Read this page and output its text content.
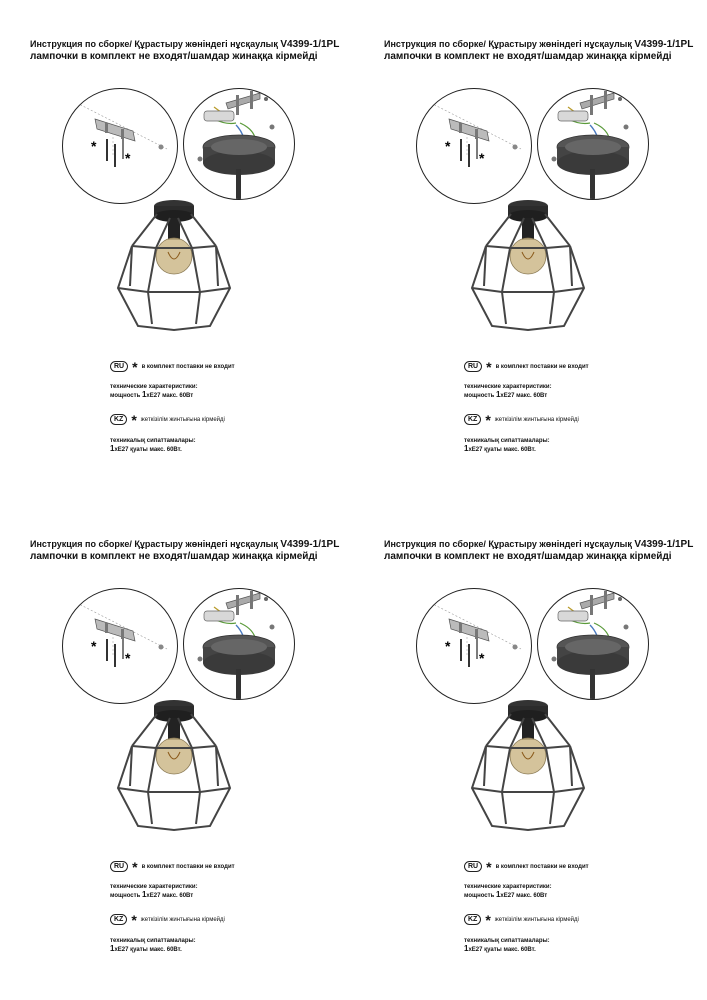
Инструкция по сборке/ Құрастыру жөніндегі нұсқаулық V4399-1/1PL
лампочки в комплект не входят/шамдар жинаққа кірмейді
*
*
RU * в комплект поставки не входит
технические характеристики:
мощность 1хЕ27 макс. 60Вт
KZ * жеткізілім жинтығына кірмейді
техникалық сипаттамалары:
1хЕ27 қуаты макс. 60Вт.
Инструкция по сборке/ Құрастыру жөніндегі нұсқаулық V4399-1/1PL
лампочки в комплект не входят/шамдар жинаққа кірмейді
*
*
RU * в комплект поставки не входит
технические характеристики:
мощность 1хЕ27 макс. 60Вт
KZ * жеткізілім жинтығына кірмейді
техникалық сипаттамалары:
1хЕ27 қуаты макс. 60Вт.
Инструкция по сборке/ Құрастыру жөніндегі нұсқаулық V4399-1/1PL
лампочки в комплект не входят/шамдар жинаққа кірмейді
*
*
RU * в комплект поставки не входит
технические характеристики:
мощность 1хЕ27 макс. 60Вт
KZ * жеткізілім жинтығына кірмейді
техникалық сипаттамалары:
1хЕ27 қуаты макс. 60Вт.
Инструкция по сборке/ Құрастыру жөніндегі нұсқаулық V4399-1/1PL
лампочки в комплект не входят/шамдар жинаққа кірмейді
*
*
RU * в комплект поставки не входит
технические характеристики:
мощность 1хЕ27 макс. 60Вт
KZ * жеткізілім жинтығына кірмейді
техникалық сипаттамалары:
1хЕ27 қуаты макс. 60Вт.
